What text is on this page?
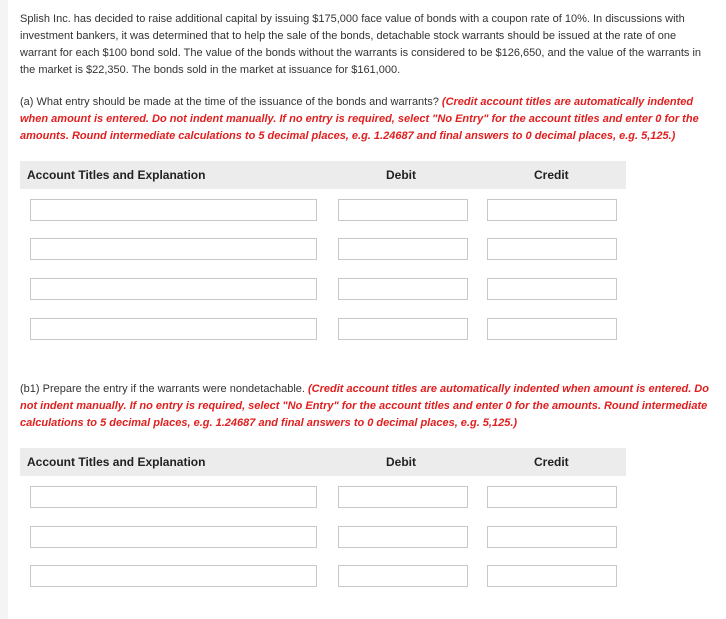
Splish Inc. has decided to raise additional capital by issuing $175,000 face value of bonds with a coupon rate of 10%. In discussions with investment bankers, it was determined that to help the sale of the bonds, detachable stock warrants should be issued at the rate of one warrant for each $100 bond sold. The value of the bonds without the warrants is considered to be $126,650, and the value of the warrants in the market is $22,350. The bonds sold in the market at issuance for $161,000.

(a) What entry should be made at the time of the issuance of the bonds and warrants? (Credit account titles are automatically indented when amount is entered. Do not indent manually. If no entry is required, select "No Entry" for the account titles and enter 0 for the amounts. Round intermediate calculations to 5 decimal places, e.g. 1.24687 and final answers to 0 decimal places, e.g. 5,125.)

Account Titles and Explanation	Debit	Credit

(b1) Prepare the entry if the warrants were nondetachable. (Credit account titles are automatically indented when amount is entered. Do not indent manually. If no entry is required, select "No Entry" for the account titles and enter 0 for the amounts. Round intermediate calculations to 5 decimal places, e.g. 1.24687 and final answers to 0 decimal places, e.g. 5,125.)

Account Titles and Explanation	Debit	Credit
